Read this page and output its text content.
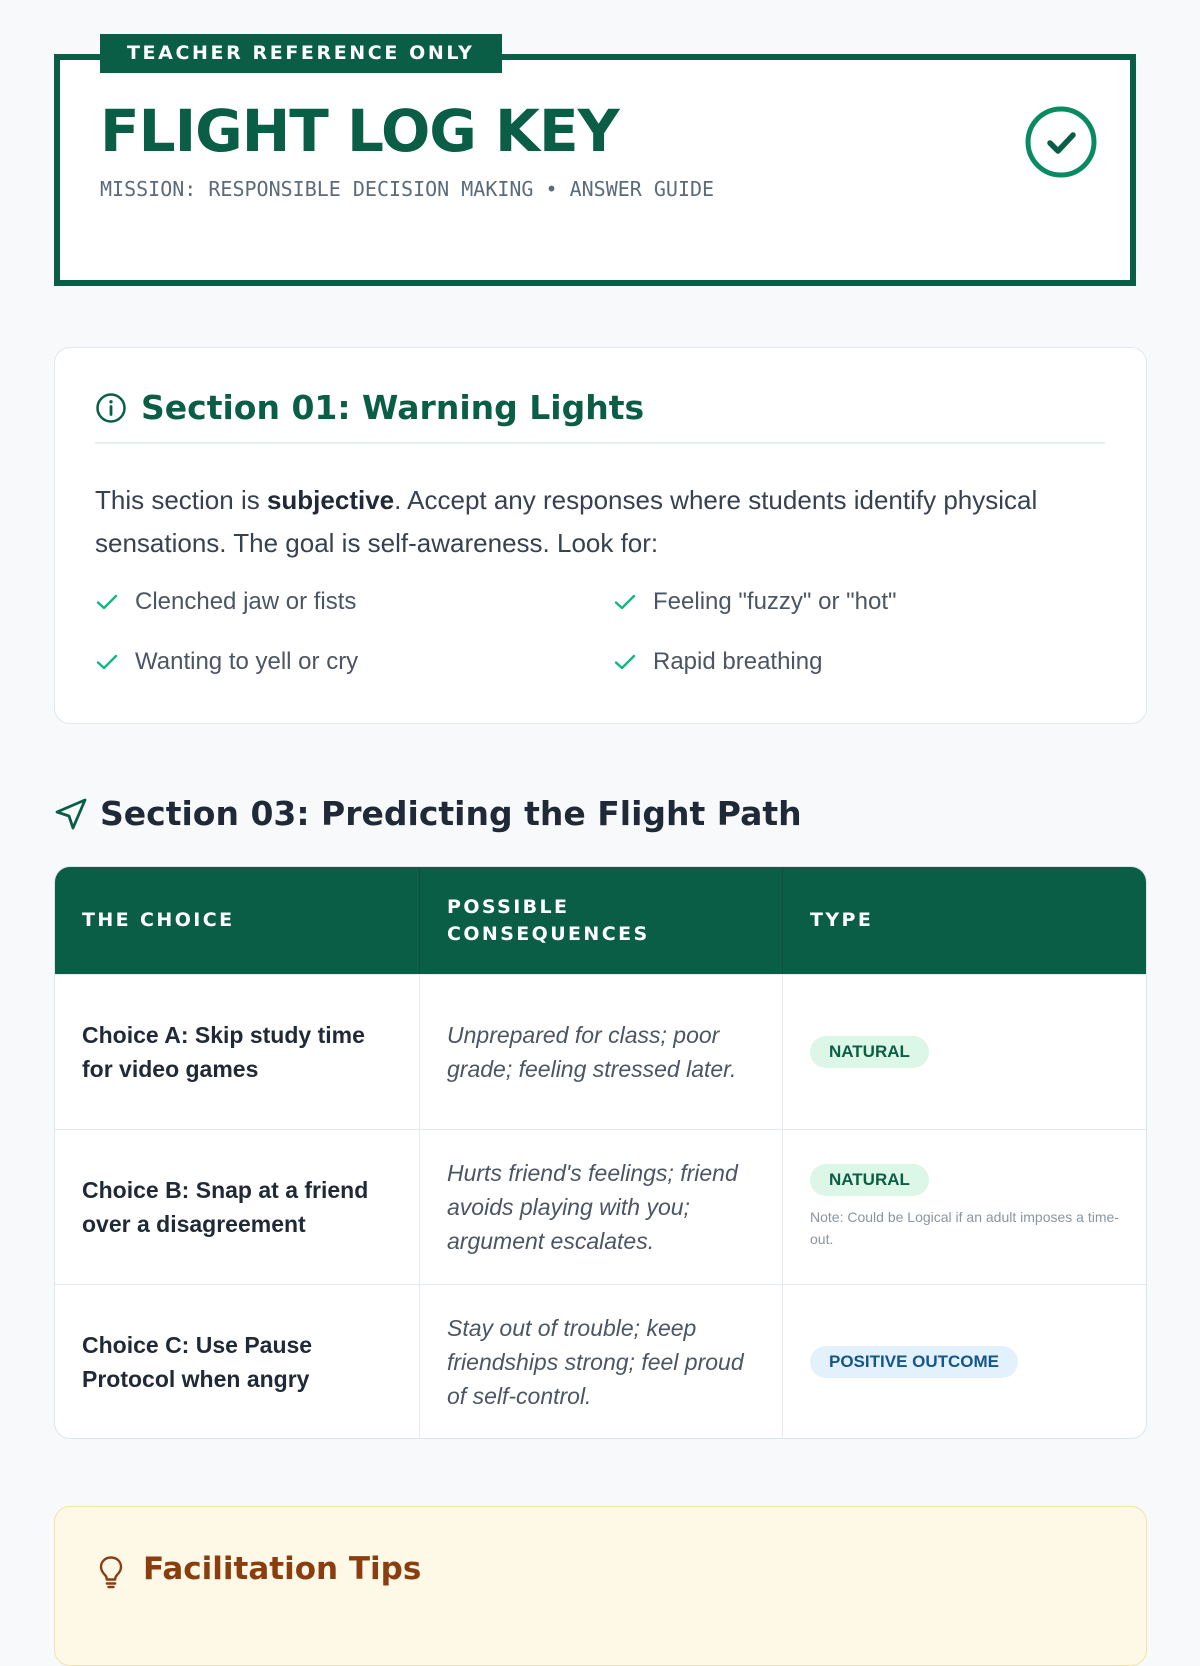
TEACHER REFERENCE ONLY
FLIGHT LOG KEY
MISSION: RESPONSIBLE DECISION MAKING • ANSWER GUIDE
Section 01: Warning Lights

This section is subjective. Accept any responses where students identify physical sensations. The goal is self-awareness. Look for:

Clenched jaw or fists	Feeling "fuzzy" or "hot"
Wanting to yell or cry	Rapid breathing
Section 03: Predicting the Flight Path
THE CHOICE
POSSIBLE CONSEQUENCES
TYPE
Choice A: Skip study time for video games
Unprepared for class; poor grade; feeling stressed later.
NATURAL
Choice B: Snap at a friend over a disagreement
Hurts friend's feelings; friend avoids playing with you; argument escalates.
NATURAL
Note: Could be Logical if an adult imposes a time-out.
Choice C: Use Pause Protocol when angry
Stay out of trouble; keep friendships strong; feel proud of self-control.
POSITIVE OUTCOME
Facilitation Tips
